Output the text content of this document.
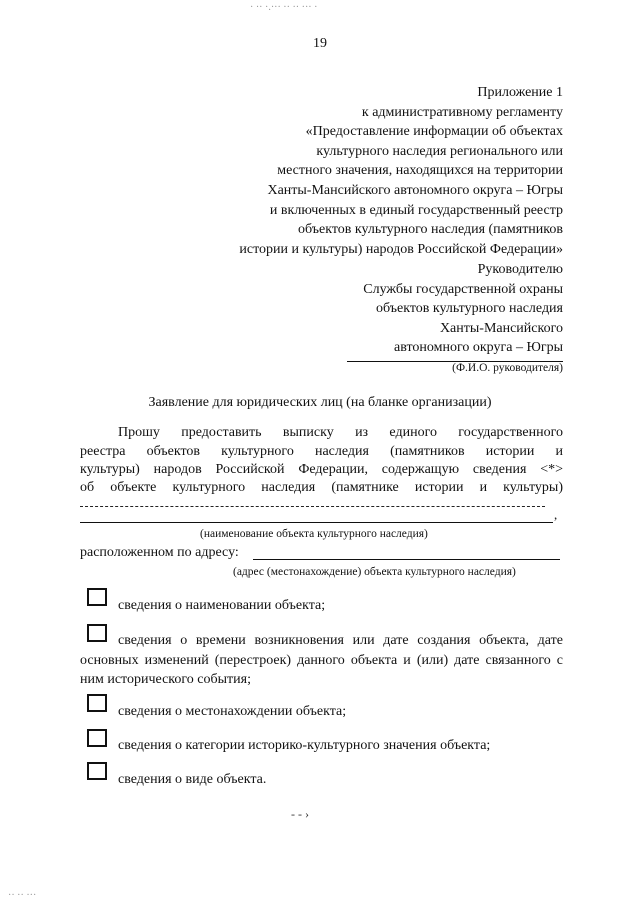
· ·· ·.··· ·· ·· ··· ·
·· ·· ···
19
Приложение 1
к административному регламенту
«Предоставление информации об объектах
культурного наследия регионального или
местного значения, находящихся на территории
Ханты-Мансийского автономного округа – Югры
и включенных в единый государственный реестр
объектов культурного наследия (памятников
истории и культуры) народов Российской Федерации»
Руководителю
Службы государственной охраны
объектов культурного наследия
Ханты-Мансийского
автономного округа – Югры
(Ф.И.О. руководителя)
Заявление для юридических лиц (на бланке организации)
Прошу предоставить выписку из единого государственного
реестра объектов культурного наследия (памятников истории и
культуры) народов Российской Федерации, содержащую сведения <*>
об объекте культурного наследия (памятнике истории и культуры)
,
(наименование объекта культурного наследия)
расположенном по адресу:
(адрес (местонахождение) объекта культурного наследия)
сведения о наименовании объекта;
сведения о времени возникновения или дате создания объекта, дате основных изменений (перестроек) данного объекта и (или) дате связанного с ним исторического события;
сведения о местонахождении объекта;
сведения о категории историко-культурного значения объекта;
сведения о виде объекта.
- - ›
